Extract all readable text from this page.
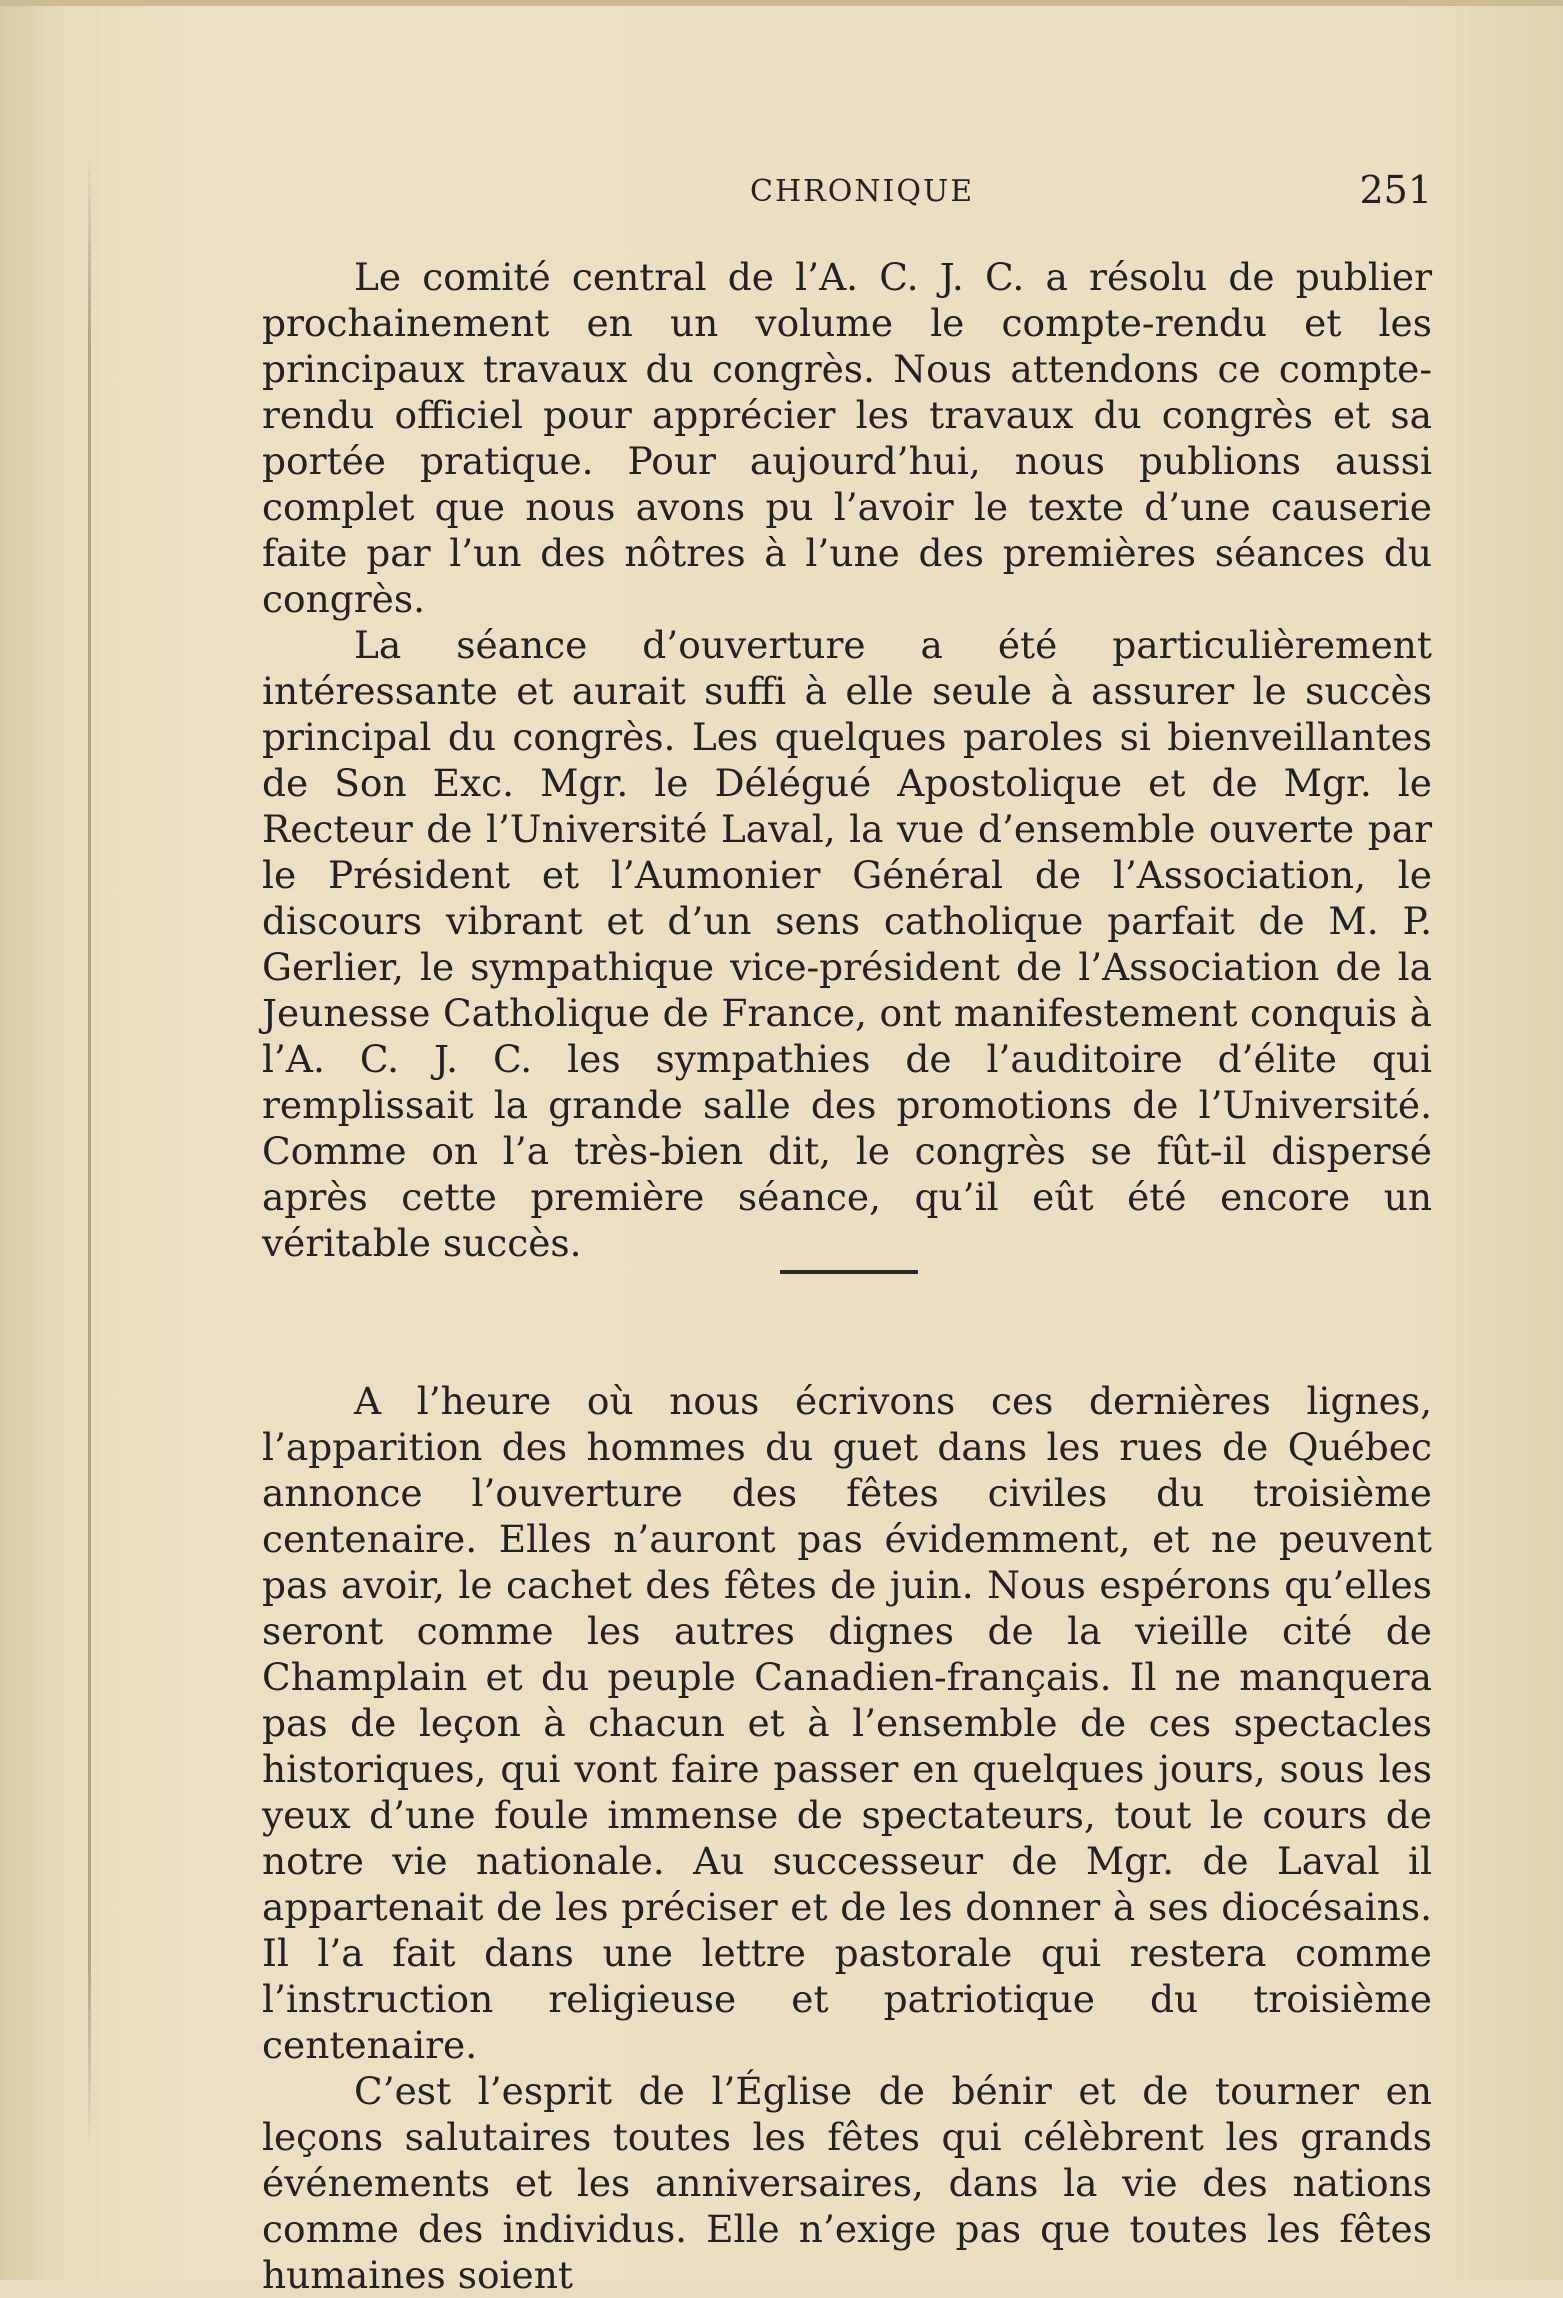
CHRONIQUE	251

Le comité central de l’A. C. J. C. a résolu de publier prochainement en un volume le compte-rendu et les principaux travaux du congrès. Nous attendons ce compte-rendu officiel pour apprécier les travaux du congrès et sa portée pratique. Pour aujourd’hui, nous publions aussi complet que nous avons pu l’avoir le texte d’une causerie faite par l’un des nôtres à l’une des premières séances du congrès.

La séance d’ouverture a été particulièrement intéressante et aurait suffi à elle seule à assurer le succès principal du congrès. Les quelques paroles si bienveillantes de Son Exc. Mgr. le Délégué Apostolique et de Mgr. le Recteur de l’Université Laval, la vue d’ensemble ouverte par le Président et l’Aumonier Général de l’Association, le discours vibrant et d’un sens catholique parfait de M. P. Gerlier, le sympathique vice-président de l’Association de la Jeunesse Catholique de France, ont manifestement conquis à l’A. C. J. C. les sympathies de l’auditoire d’élite qui remplissait la grande salle des promotions de l’Université. Comme on l’a très-bien dit, le congrès se fût-il dispersé après cette première séance, qu’il eût été encore un véritable succès.

A l’heure où nous écrivons ces dernières lignes, l’apparition des hommes du guet dans les rues de Québec annonce l’ouverture des fêtes civiles du troisième centenaire. Elles n’auront pas évidemment, et ne peuvent pas avoir, le cachet des fêtes de juin. Nous espérons qu’elles seront comme les autres dignes de la vieille cité de Champlain et du peuple Canadien-français. Il ne manquera pas de leçon à chacun et à l’ensemble de ces spectacles historiques, qui vont faire passer en quelques jours, sous les yeux d’une foule immense de spectateurs, tout le cours de notre vie nationale. Au successeur de Mgr. de Laval il appartenait de les préciser et de les donner à ses diocésains. Il l’a fait dans une lettre pastorale qui restera comme l’instruction religieuse et patriotique du troisième centenaire.

C’est l’esprit de l’Église de bénir et de tourner en leçons salutaires toutes les fêtes qui célèbrent les grands événements et les anniversaires, dans la vie des nations comme des individus. Elle n’exige pas que toutes les fêtes humaines soient
